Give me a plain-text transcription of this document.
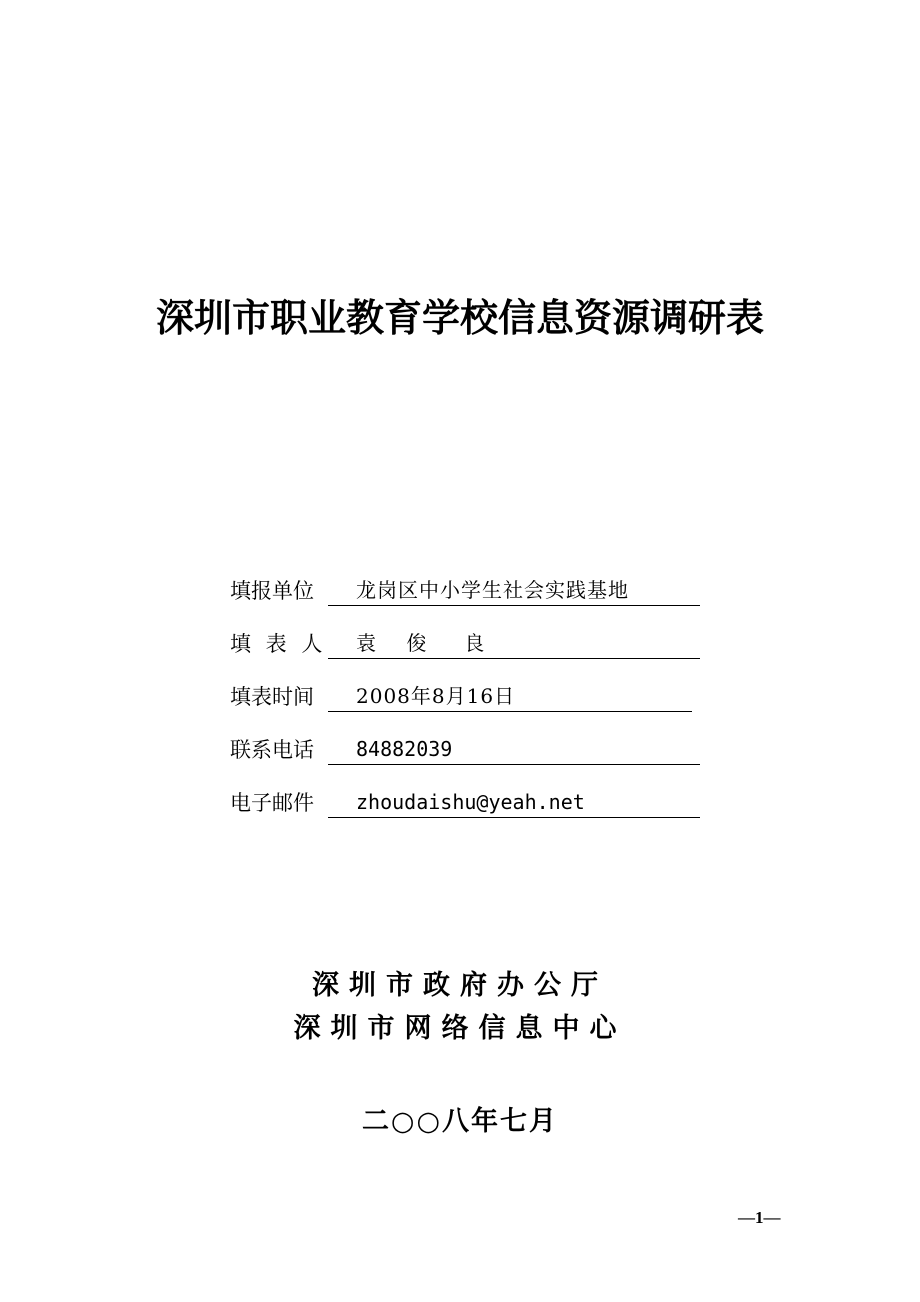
深圳市职业教育学校信息资源调研表
填报单位	龙岗区中小学生社会实践基地
填 表 人	袁    俊     良
填表时间	2008年8月16日
联系电话	84882039
电子邮件	zhoudaishu@yeah.net
深圳市政府办公厅
深圳市网络信息中心
二○○八年七月
—1—
